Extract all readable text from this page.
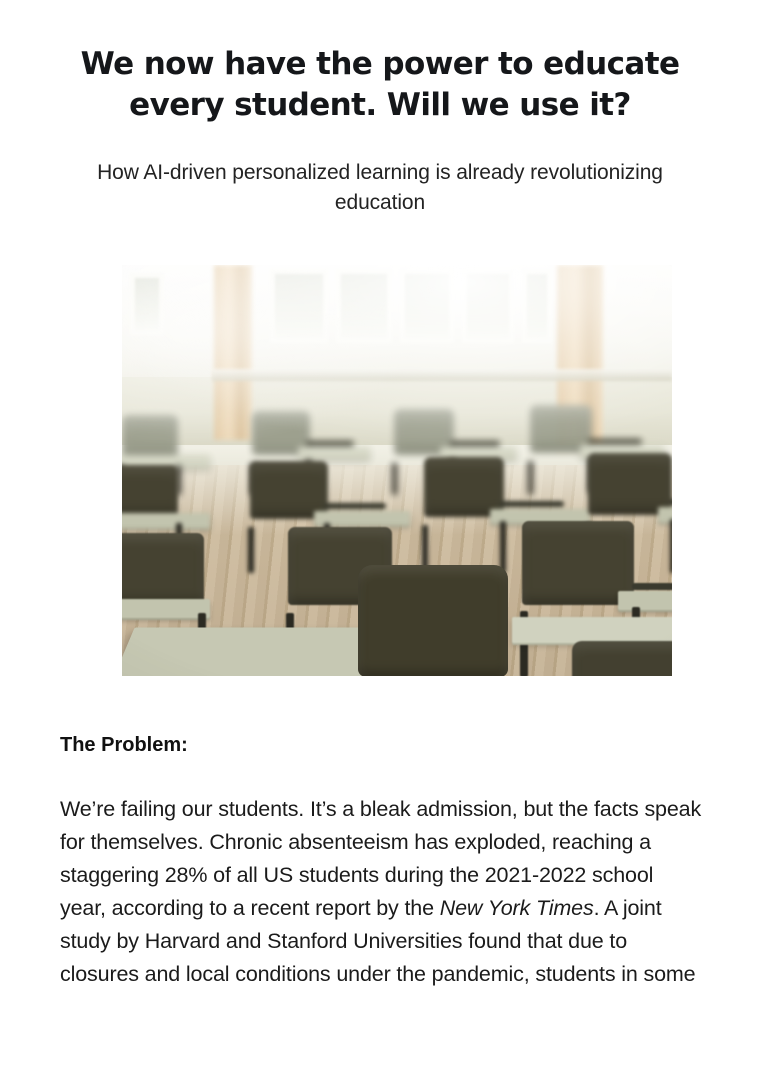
We now have the power to educate every student. Will we use it?

How AI-driven personalized learning is already revolutionizing education

The Problem:

We’re failing our students. It’s a bleak admission, but the facts speak for themselves. Chronic absenteeism has exploded, reaching a staggering 28% of all US students during the 2021-2022 school year, according to a recent report by the New York Times. A joint study by Harvard and Stanford Universities found that due to closures and local conditions under the pandemic, students in some
